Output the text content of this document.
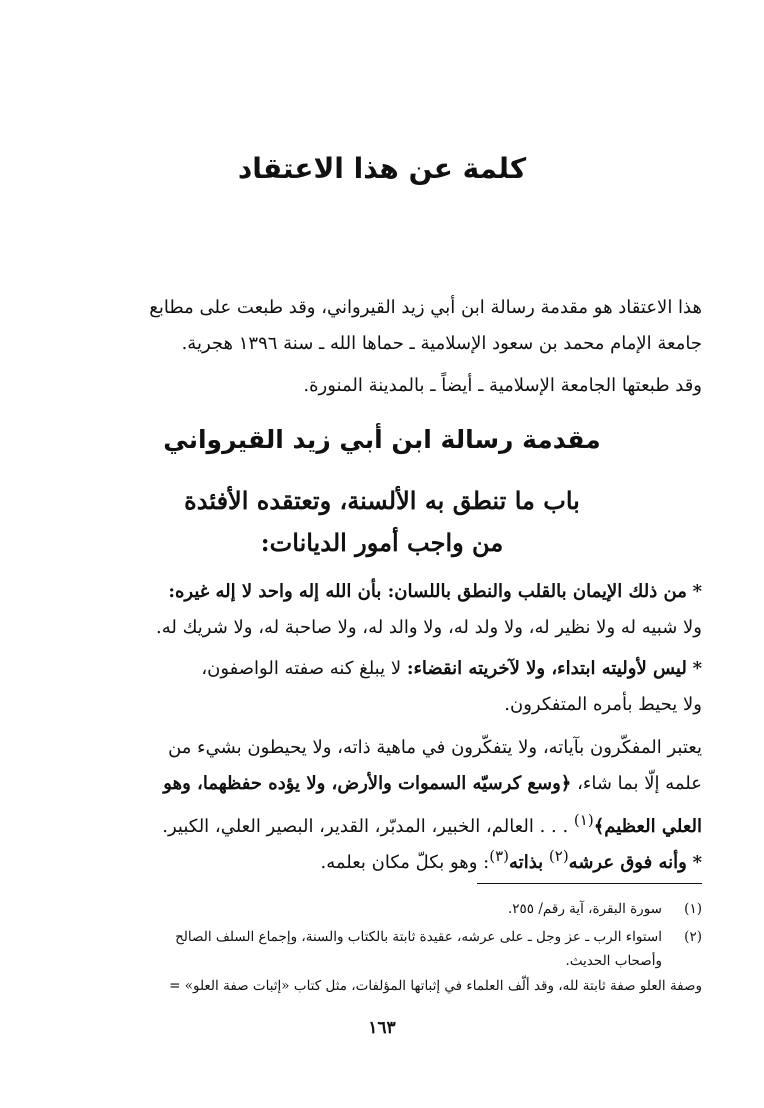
كلمة عن هذا الاعتقاد
هذا الاعتقاد هو مقدمة رسالة ابن أبي زيد القيرواني، وقد طبعت على مطابع
جامعة الإمام محمد بن سعود الإسلامية ـ حماها الله ـ سنة ١٣٩٦ هجرية.
وقد طبعتها الجامعة الإسلامية ـ أيضاً ـ بالمدينة المنورة.
مقدمة رسالة ابن أبي زيد القيرواني
باب ما تنطق به الألسنة، وتعتقده الأفئدة
من واجب أمور الديانات:
* من ذلك الإيمان بالقلب والنطق باللسان: بأن الله إله واحد لا إله غيره:
ولا شبيه له ولا نظير له، ولا ولد له، ولا والد له، ولا صاحبة له، ولا شريك له.
* ليس لأوليته ابتداء، ولا لآخريته انقضاء: لا يبلغ كنه صفته الواصفون،
ولا يحيط بأمره المتفكرون.
يعتبر المفكّرون بآياته، ولا يتفكّرون في ماهية ذاته، ولا يحيطون بشيء من
علمه إلّا بما شاء، ﴿وسع كرسيّه السموات والأرض، ولا يؤده حفظهما، وهو
العلي العظيم﴾$^{(١)}$ . . . العالم، الخبير، المدبّر، القدير، البصير العلي، الكبير.
* وأنه فوق عرشه$^{(٢)}$ بذاته$^{(٣)}$: وهو بكلّ مكان بعلمه.
(١)سورة البقرة، آية رقم/ ٢٥٥.
(٢)استواء الرب ـ عز وجل ـ على عرشه، عقيدة ثابتة بالكتاب والسنة، وإجماع السلف الصالح
وأصحاب الحديث.
وصفة العلو صفة ثابتة لله، وقد ألّف العلماء في إثباتها المؤلفات، مثل كتاب «إثبات صفة العلو» =
١٦٣
